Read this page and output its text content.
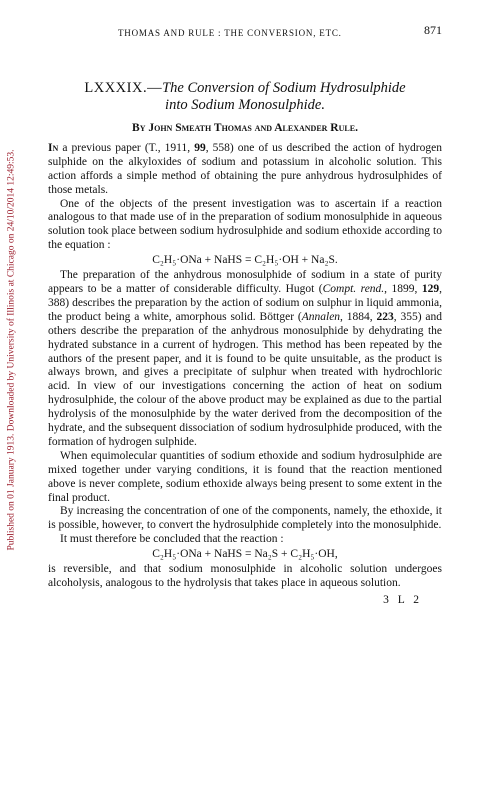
Published on 01 January 1913. Downloaded by University of Illinois at Chicago on 24/10/2014 12:49:53.
THOMAS AND RULE : THE CONVERSION, ETC.	871
LXXXIX.—The Conversion of Sodium Hydrosulphide
into Sodium Monosulphide.
By John Smeath Thomas and Alexander Rule.

In a previous paper (T., 1911, 99, 558) one of us described the action of hydrogen sulphide on the alkyloxides of sodium and potassium in alcoholic solution. This action affords a simple method of obtaining the pure anhydrous hydrosulphides of those metals.

One of the objects of the present investigation was to ascertain if a reaction analogous to that made use of in the preparation of sodium monosulphide in aqueous solution took place between sodium hydrosulphide and sodium ethoxide according to the equation :

C₂H₅·ONa + NaHS = C₂H₅·OH + Na₂S.

The preparation of the anhydrous monosulphide of sodium in a state of purity appears to be a matter of considerable difficulty. Hugot (Compt. rend., 1899, 129, 388) describes the preparation by the action of sodium on sulphur in liquid ammonia, the product being a white, amorphous solid. Böttger (Annalen, 1884, 223, 355) and others describe the preparation of the anhydrous monosulphide by dehydrating the hydrated substance in a current of hydrogen. This method has been repeated by the authors of the present paper, and it is found to be quite unsuitable, as the product is always brown, and gives a precipitate of sulphur when treated with hydrochloric acid. In view of our investigations concerning the action of heat on sodium hydrosulphide, the colour of the above product may be explained as due to the partial hydrolysis of the monosulphide by the water derived from the decomposition of the hydrate, and the subsequent dissociation of sodium hydrosulphide produced, with the formation of hydrogen sulphide.

When equimolecular quantities of sodium ethoxide and sodium hydrosulphide are mixed together under varying conditions, it is found that the reaction mentioned above is never complete, sodium ethoxide always being present to some extent in the final product.

By increasing the concentration of one of the components, namely, the ethoxide, it is possible, however, to convert the hydrosulphide completely into the monosulphide.

It must therefore be concluded that the reaction :

C₂H₅·ONa + NaHS = Na₂S + C₂H₅·OH,

is reversible, and that sodium monosulphide in alcoholic solution undergoes alcoholysis, analogous to the hydrolysis that takes place in aqueous solution.

3 L 2
